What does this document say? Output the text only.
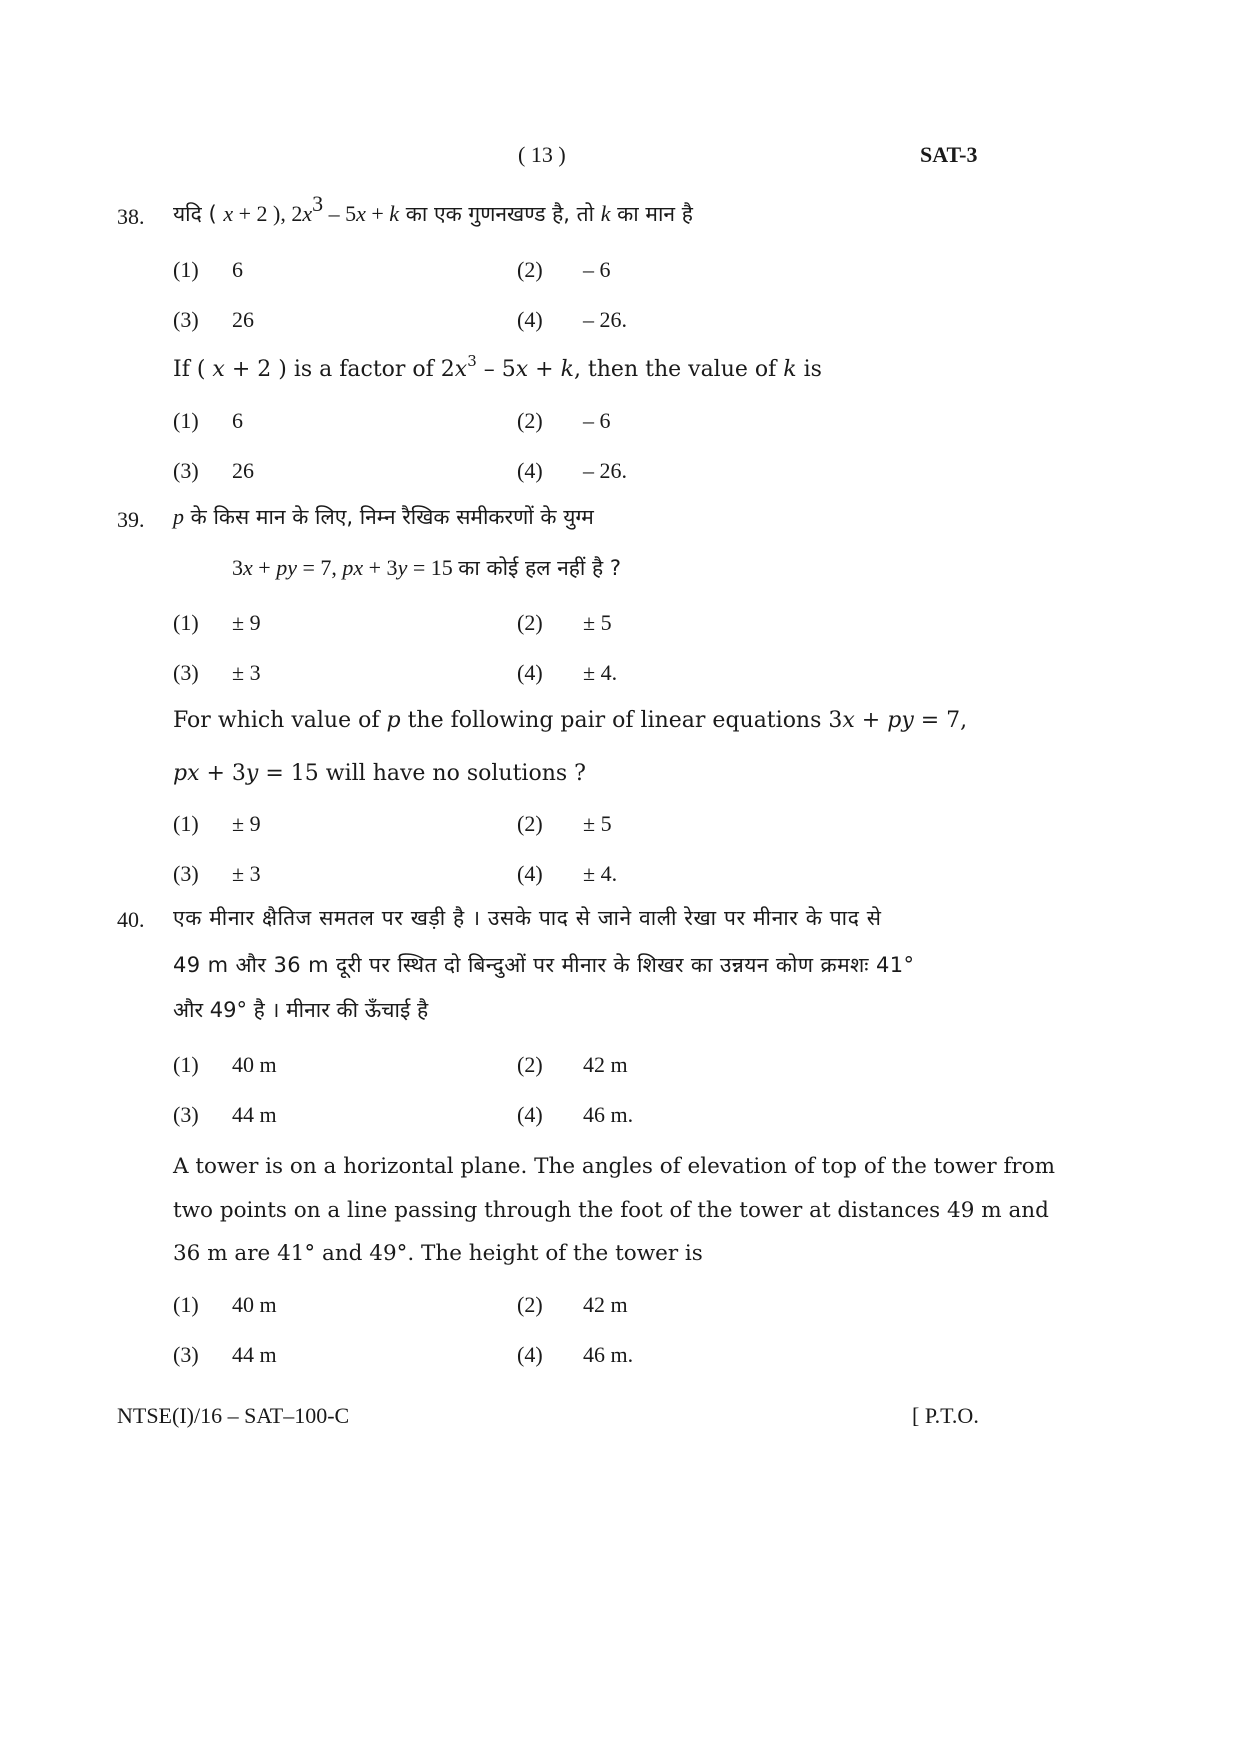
( 13 )	SAT-3
38. यदि ( x + 2 ), $2x^3 - 5x + k$ का एक गुणनखण्ड है, तो k का मान है
(1) 6	(2) – 6
(3) 26	(4) – 26.
If ( x + 2 ) is a factor of $2x^3 - 5x + k$, then the value of k is
(1) 6	(2) – 6
(3) 26	(4) – 26.
39. p के किस मान के लिए, निम्न रैखिक समीकरणों के युग्म
3x + py = 7, px + 3y = 15 का कोई हल नहीं है ?
(1) ± 9	(2) ± 5
(3) ± 3	(4) ± 4.
For which value of p the following pair of linear equations 3x + py = 7,
px + 3y = 15 will have no solutions ?
(1) ± 9	(2) ± 5
(3) ± 3	(4) ± 4.
40. एक मीनार क्षैतिज समतल पर खड़ी है । उसके पाद से जाने वाली रेखा पर मीनार के पाद से
49 m और 36 m दूरी पर स्थित दो बिन्दुओं पर मीनार के शिखर का उन्नयन कोण क्रमशः 41°
और 49° है । मीनार की ऊँचाई है
(1) 40 m	(2) 42 m
(3) 44 m	(4) 46 m.
A tower is on a horizontal plane. The angles of elevation of top of the tower from
two points on a line passing through the foot of the tower at distances 49 m and
36 m are 41° and 49°. The height of the tower is
(1) 40 m	(2) 42 m
(3) 44 m	(4) 46 m.
NTSE(I)/16 – SAT–100-C	[ P.T.O.
